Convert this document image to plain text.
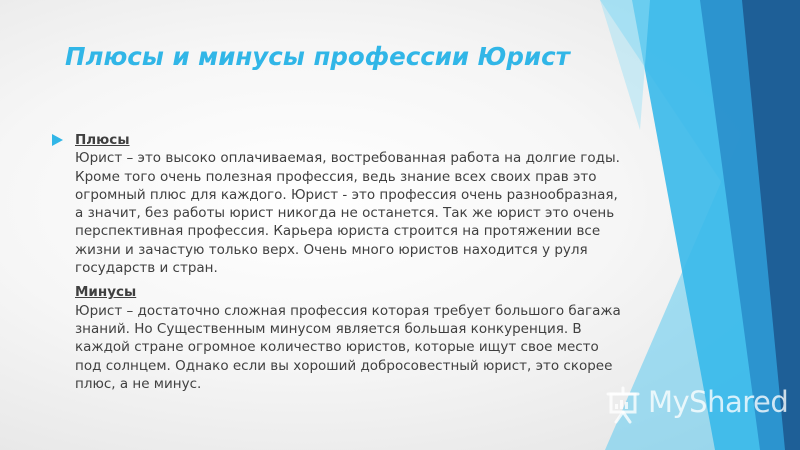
Плюсы и минусы профессии Юрист
Плюсы
Юрист – это высоко оплачиваемая, востребованная работа на долгие годы. Кроме того очень полезная профессия, ведь знание всех своих прав это огромный плюс для каждого. Юрист - это профессия очень разнообразная, а значит, без работы юрист никогда не останется. Так же юрист это очень перспективная профессия. Карьера юриста строится на протяжении все жизни и зачастую только верх. Очень много юристов находится у руля государств и стран.
Минусы
Юрист – достаточно сложная профессия которая требует большого багажа знаний. Но Существенным минусом является большая конкуренция. В каждой стране огромное количество юристов, которые ищут свое место под солнцем. Однако если вы хороший добросовестный юрист, это скорее плюс, а не минус.
MyShared
